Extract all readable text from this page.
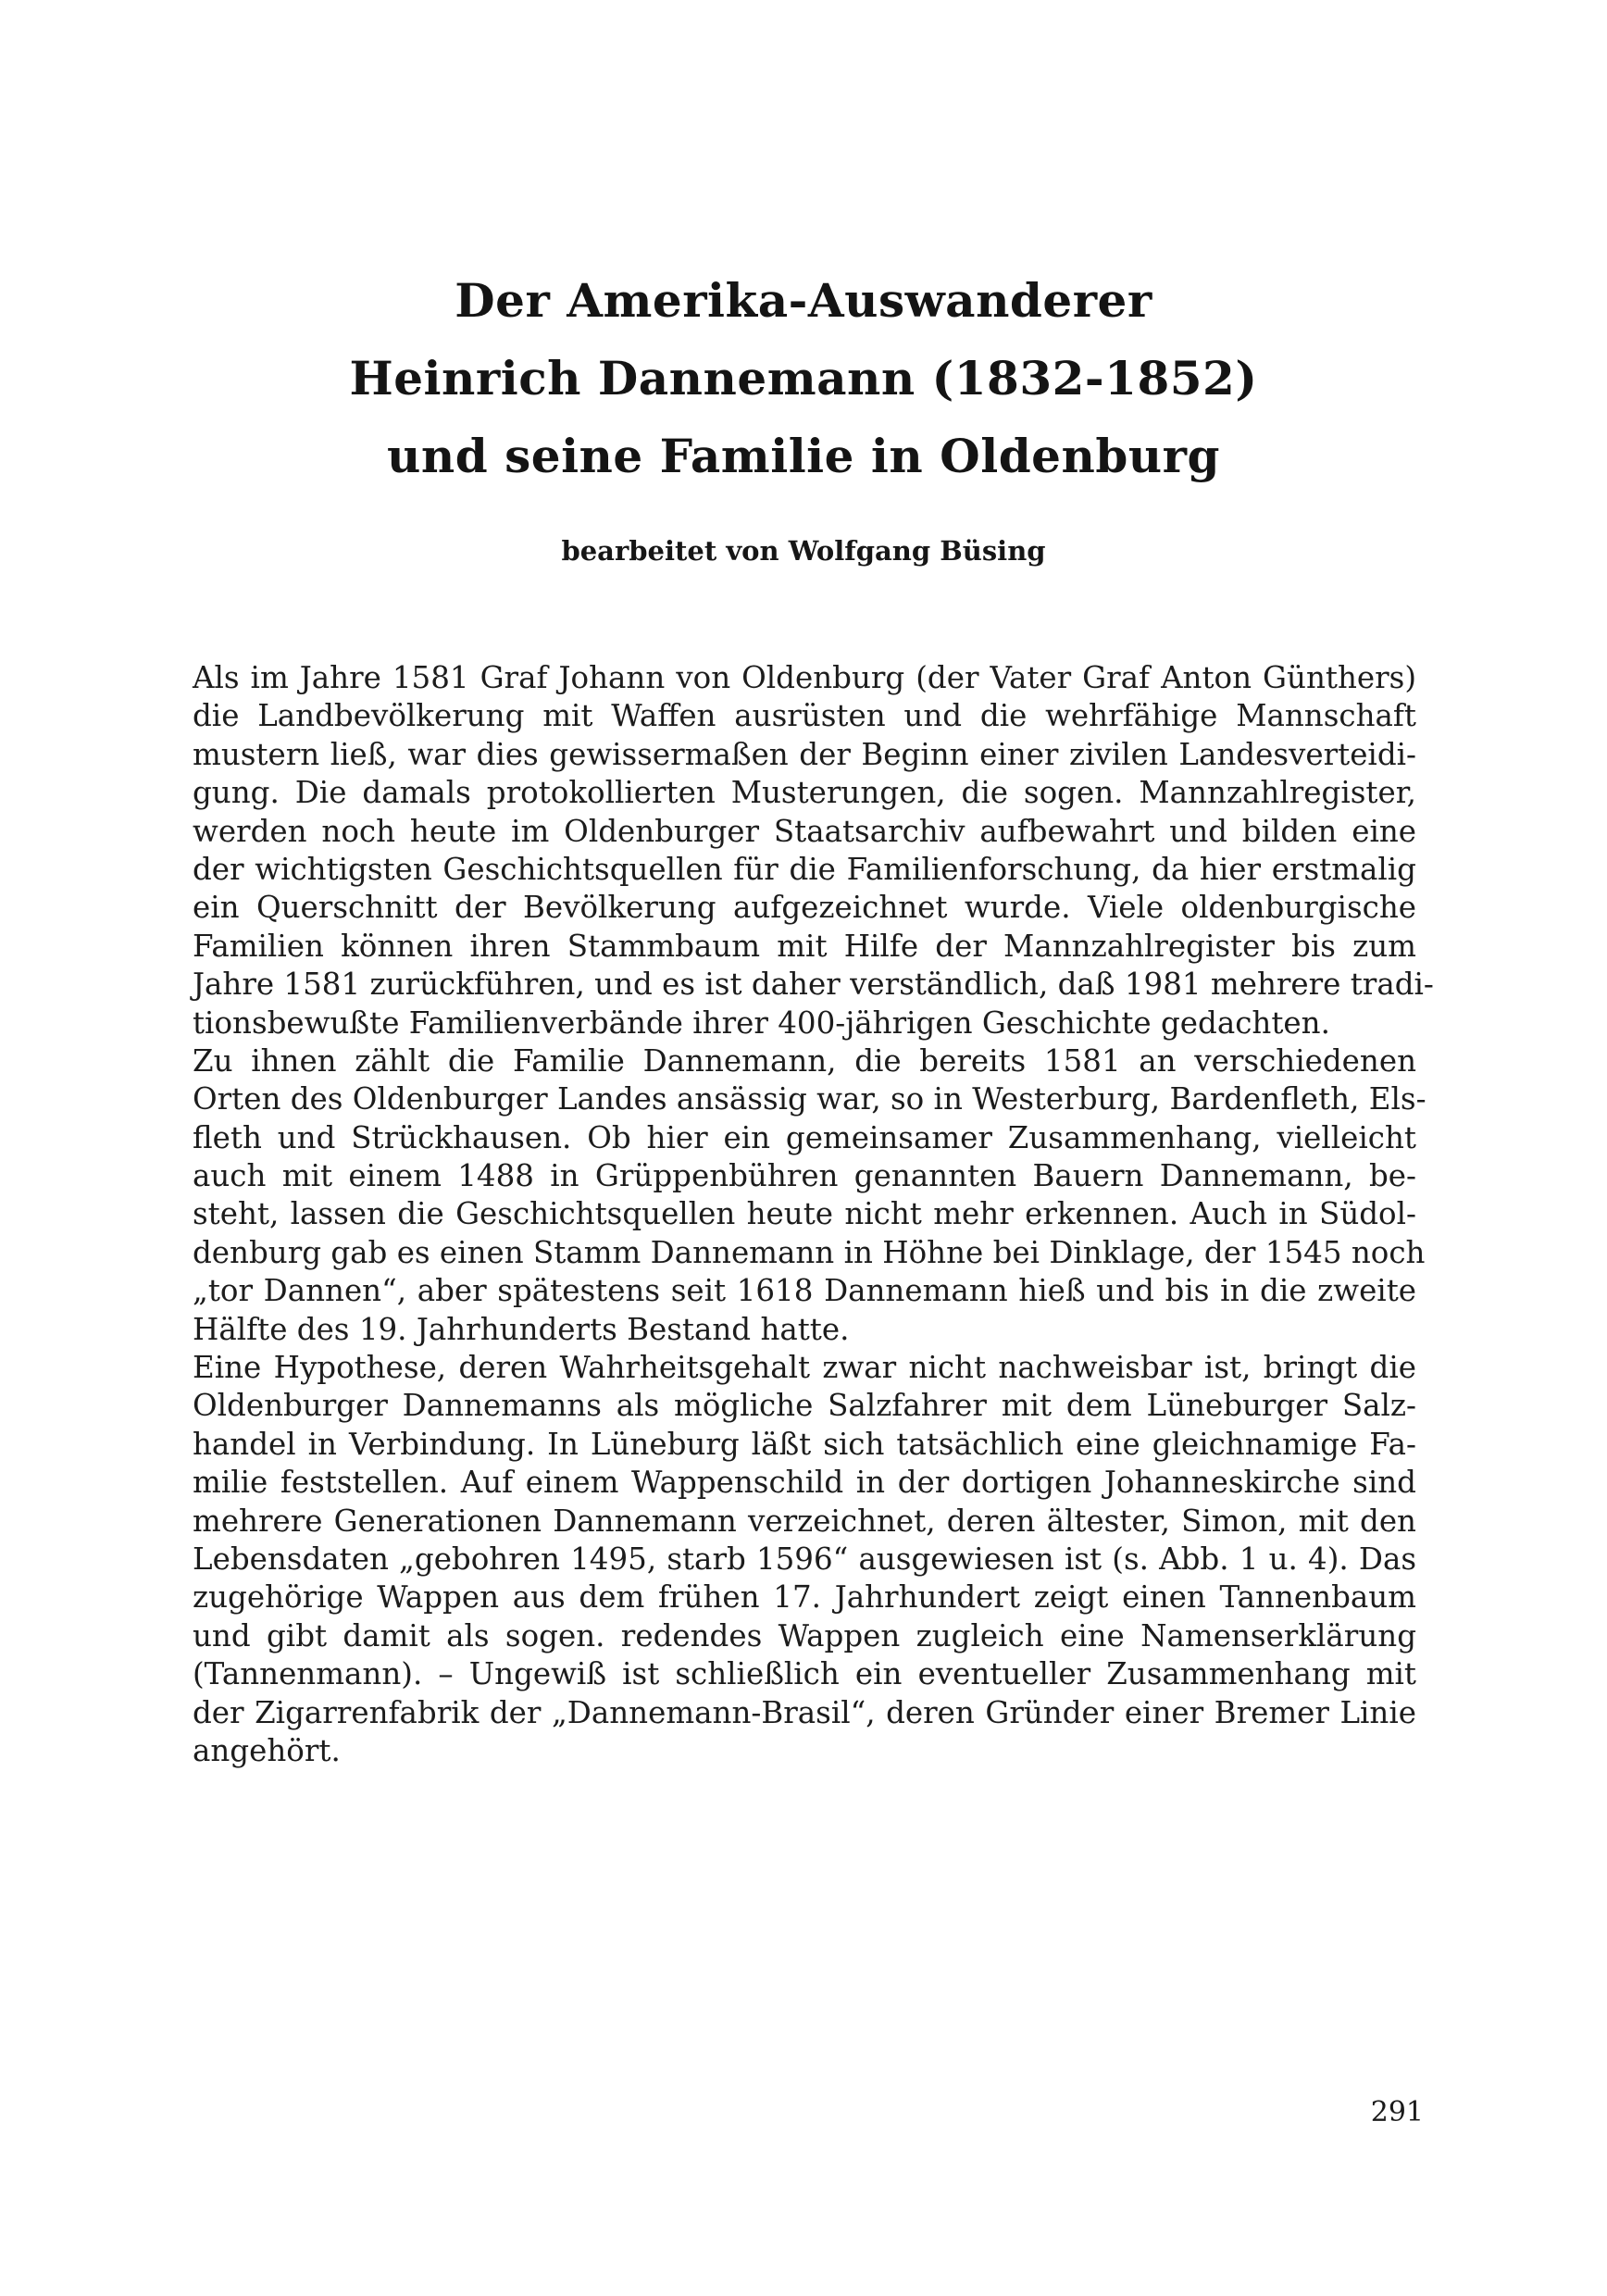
Der Amerika-Auswanderer
Heinrich Dannemann (1832-1852)
und seine Familie in Oldenburg
bearbeitet von Wolfgang Büsing
Als im Jahre 1581 Graf Johann von Oldenburg (der Vater Graf Anton Günthers)
die Landbevölkerung mit Waffen ausrüsten und die wehrfähige Mannschaft
mustern ließ, war dies gewissermaßen der Beginn einer zivilen Landesverteidi-
gung. Die damals protokollierten Musterungen, die sogen. Mannzahlregister,
werden noch heute im Oldenburger Staatsarchiv aufbewahrt und bilden eine
der wichtigsten Geschichtsquellen für die Familienforschung, da hier erstmalig
ein Querschnitt der Bevölkerung aufgezeichnet wurde. Viele oldenburgische
Familien können ihren Stammbaum mit Hilfe der Mannzahlregister bis zum
Jahre 1581 zurückführen, und es ist daher verständlich, daß 1981 mehrere tradi-
tionsbewußte Familienverbände ihrer 400-jährigen Geschichte gedachten.
Zu ihnen zählt die Familie Dannemann, die bereits 1581 an verschiedenen
Orten des Oldenburger Landes ansässig war, so in Westerburg, Bardenfleth, Els-
fleth und Strückhausen. Ob hier ein gemeinsamer Zusammenhang, vielleicht
auch mit einem 1488 in Grüppenbühren genannten Bauern Dannemann, be-
steht, lassen die Geschichtsquellen heute nicht mehr erkennen. Auch in Südol-
denburg gab es einen Stamm Dannemann in Höhne bei Dinklage, der 1545 noch
„tor Dannen“, aber spätestens seit 1618 Dannemann hieß und bis in die zweite
Hälfte des 19. Jahrhunderts Bestand hatte.
Eine Hypothese, deren Wahrheitsgehalt zwar nicht nachweisbar ist, bringt die
Oldenburger Dannemanns als mögliche Salzfahrer mit dem Lüneburger Salz-
handel in Verbindung. In Lüneburg läßt sich tatsächlich eine gleichnamige Fa-
milie feststellen. Auf einem Wappenschild in der dortigen Johanneskirche sind
mehrere Generationen Dannemann verzeichnet, deren ältester, Simon, mit den
Lebensdaten „gebohren 1495, starb 1596“ ausgewiesen ist (s. Abb. 1 u. 4). Das
zugehörige Wappen aus dem frühen 17. Jahrhundert zeigt einen Tannenbaum
und gibt damit als sogen. redendes Wappen zugleich eine Namenserklärung
(Tannenmann). – Ungewiß ist schließlich ein eventueller Zusammenhang mit
der Zigarrenfabrik der „Dannemann-Brasil“, deren Gründer einer Bremer Linie
angehört.
291
